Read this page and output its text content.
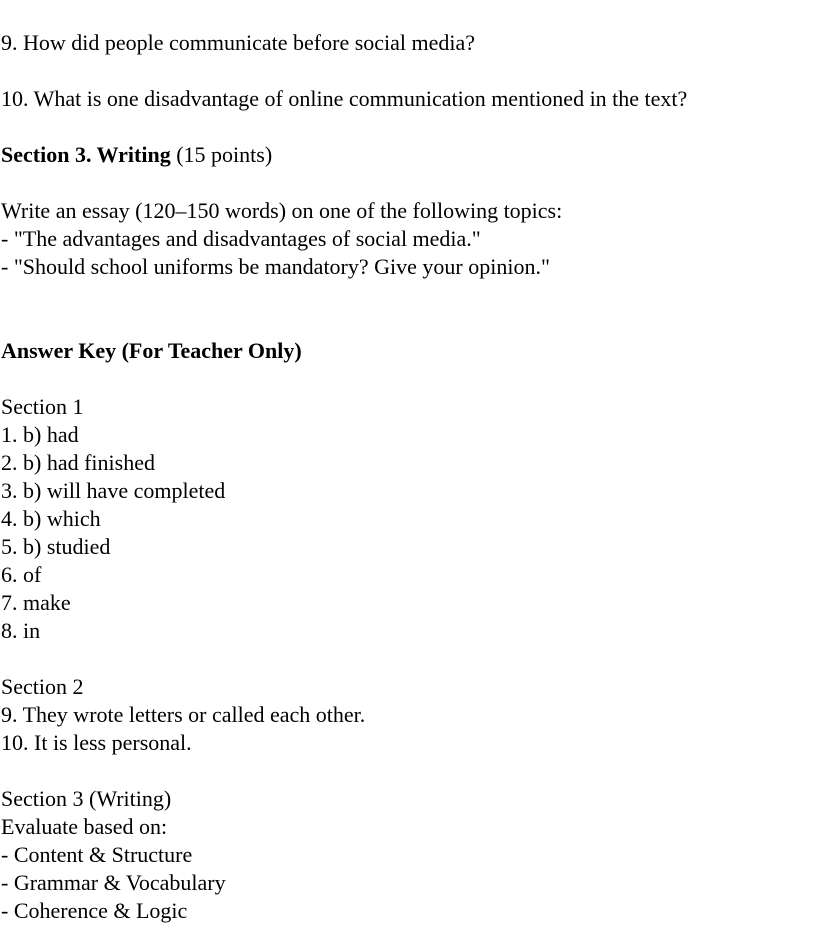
9. How did people communicate before social media?
10. What is one disadvantage of online communication mentioned in the text?
Section 3. Writing (15 points)
Write an essay (120–150 words) on one of the following topics:
- "The advantages and disadvantages of social media."
- "Should school uniforms be mandatory? Give your opinion."
Answer Key (For Teacher Only)
Section 1
1. b) had
2. b) had finished
3. b) will have completed
4. b) which
5. b) studied
6. of
7. make
8. in
Section 2
9. They wrote letters or called each other.
10. It is less personal.
Section 3 (Writing)
Evaluate based on:
- Content & Structure
- Grammar & Vocabulary
- Coherence & Logic
